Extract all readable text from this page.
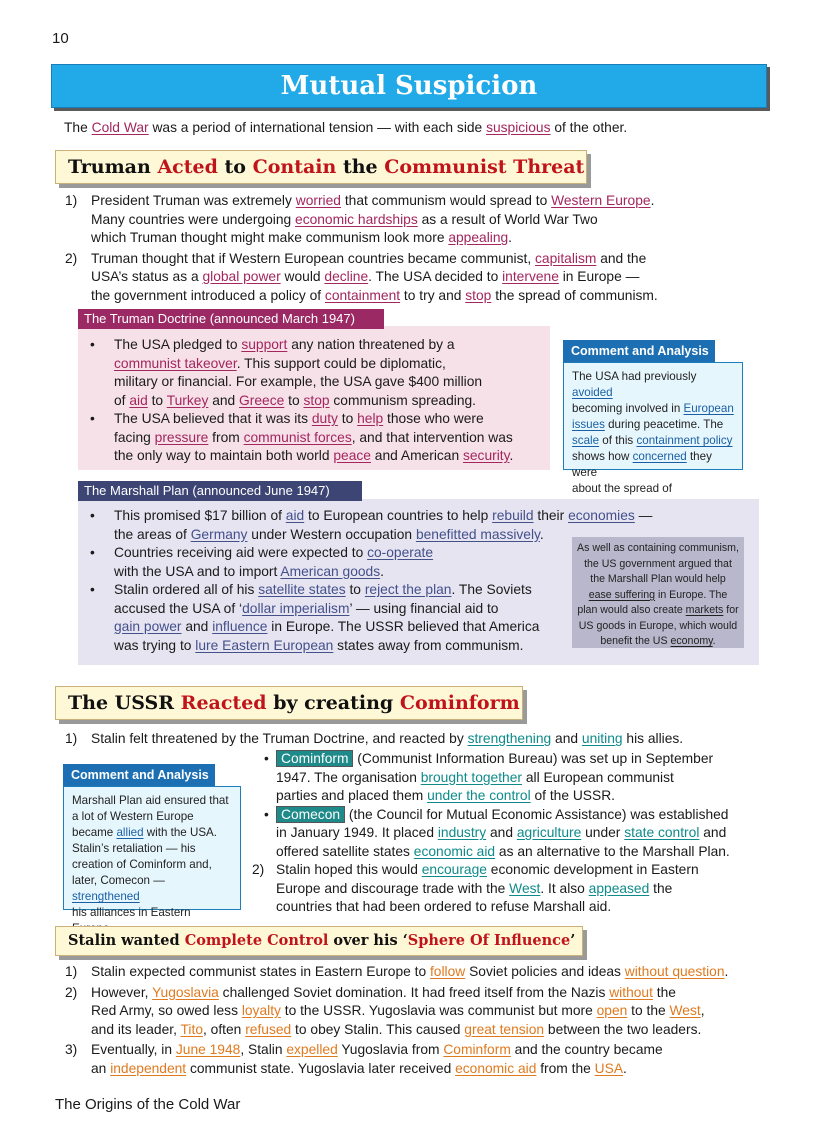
10
Mutual Suspicion
The Cold War was a period of international tension — with each side suspicious of the other.
Truman Acted to Contain the Communist Threat
1) President Truman was extremely worried that communism would spread to Western Europe.
Many countries were undergoing economic hardships as a result of World War Two
which Truman thought might make communism look more appealing.
2) Truman thought that if Western European countries became communist, capitalism and the
USA’s status as a global power would decline. The USA decided to intervene in Europe —
the government introduced a policy of containment to try and stop the spread of communism.
• The USA pledged to support any nation threatened by a
communist takeover. This support could be diplomatic,
military or financial. For example, the USA gave $400 million
of aid to Turkey and Greece to stop communism spreading.
• The USA believed that it was its duty to help those who were
facing pressure from communist forces, and that intervention was
the only way to maintain both world peace and American security.
The Truman Doctrine (announced March 1947)
Comment and Analysis
The USA had previously avoided
becoming involved in European
issues during peacetime. The
scale of this containment policy
shows how concerned they were
about the spread of
• This promised $17 billion of aid to European countries to help rebuild their economies —
the areas of Germany under Western occupation benefitted massively.
• Countries receiving aid were expected to co-operate
with the USA and to import American goods.
• Stalin ordered all of his satellite states to reject the plan. The Soviets
accused the USA of ‘dollar imperialism’ — using financial aid to
gain power and influence in Europe. The USSR believed that America
was trying to lure Eastern European states away from communism.
The Marshall Plan (announced June 1947)
As well as containing communism,
the US government argued that
the Marshall Plan would help
ease suffering in Europe. The
plan would also create markets for
US goods in Europe, which would
benefit the US economy.
The USSR Reacted by creating Cominform
1) Stalin felt threatened by the Truman Doctrine, and reacted by strengthening and uniting his allies.
• Cominform (Communist Information Bureau) was set up in September
1947. The organisation brought together all European communist
parties and placed them under the control of the USSR.
• Comecon (the Council for Mutual Economic Assistance) was established
in January 1949. It placed industry and agriculture under state control and
offered satellite states economic aid as an alternative to the Marshall Plan.
2) Stalin hoped this would encourage economic development in Eastern
Europe and discourage trade with the West. It also appeased the
countries that had been ordered to refuse Marshall aid.
Comment and Analysis
Marshall Plan aid ensured that
a lot of Western Europe
became allied with the USA.
Stalin’s retaliation — his
creation of Cominform and,
later, Comecon — strengthened
his alliances in Eastern
Stalin wanted Complete Control over his ‘Sphere Of Influence’
1) Stalin expected communist states in Eastern Europe to follow Soviet policies and ideas without question.
2) However, Yugoslavia challenged Soviet domination. It had freed itself from the Nazis without the
Red Army, so owed less loyalty to the USSR. Yugoslavia was communist but more open to the West,
and its leader, Tito, often refused to obey Stalin. This caused great tension between the two leaders.
3) Eventually, in June 1948, Stalin expelled Yugoslavia from Cominform and the country became
an independent communist state. Yugoslavia later received economic aid from the USA.
The Origins of the Cold War
